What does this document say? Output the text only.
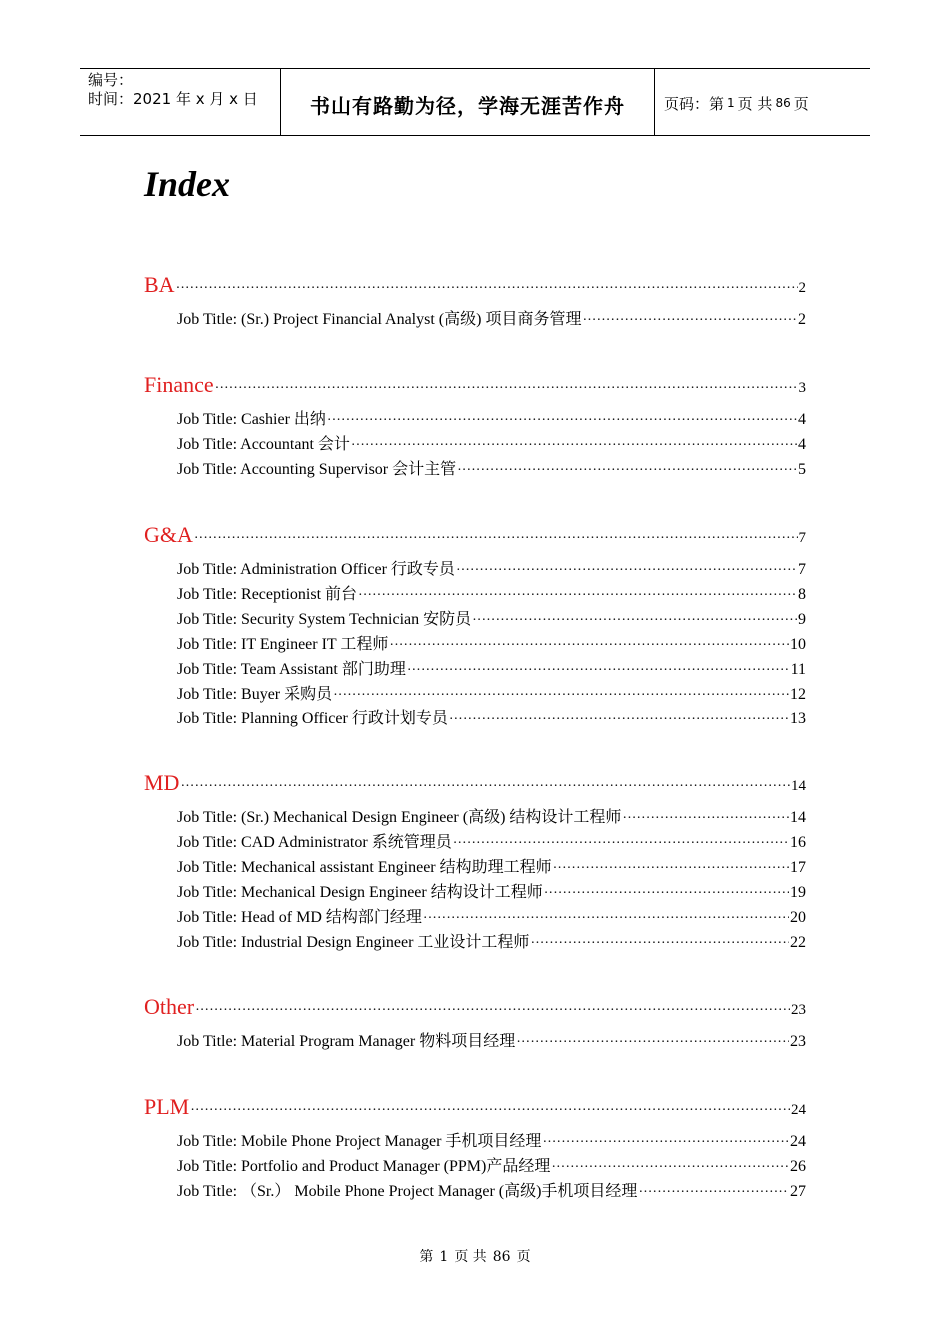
编号：
时间：2021 年 x 月 x 日	书山有路勤为径，学海无涯苦作舟	页码：第 1 页 共 86 页
Index
BA ·····	2
Job Title: (Sr.) Project Financial Analyst (高级) 项目商务管理 ·····	2
Finance ·····	3
Job Title: Cashier 出纳 ·····	4
Job Title: Accountant 会计 ·····	4
Job Title: Accounting Supervisor 会计主管 ·····	5
G&A ·····	7
Job Title: Administration Officer 行政专员 ·····	7
Job Title: Receptionist 前台 ·····	8
Job Title: Security System Technician 安防员 ·····	9
Job Title: IT Engineer IT 工程师 ·····	10
Job Title: Team Assistant 部门助理 ·····	11
Job Title: Buyer 采购员 ·····	12
Job Title: Planning Officer 行政计划专员 ·····	13
MD ·····	14
Job Title: (Sr.) Mechanical Design Engineer (高级) 结构设计工程师 ·····	14
Job Title: CAD Administrator 系统管理员 ·····	16
Job Title: Mechanical assistant Engineer 结构助理工程师 ·····	17
Job Title: Mechanical Design Engineer 结构设计工程师 ·····	19
Job Title: Head of MD 结构部门经理 ·····	20
Job Title: Industrial Design Engineer 工业设计工程师 ·····	22
Other ·····	23
Job Title: Material Program Manager 物料项目经理 ·····	23
PLM ·····	24
Job Title: Mobile Phone Project Manager 手机项目经理 ·····	24
Job Title: Portfolio and Product Manager (PPM)产品经理 ·····	26
Job Title: （Sr.） Mobile Phone Project Manager (高级)手机项目经理 ·····	27
第 1 页 共 86 页
